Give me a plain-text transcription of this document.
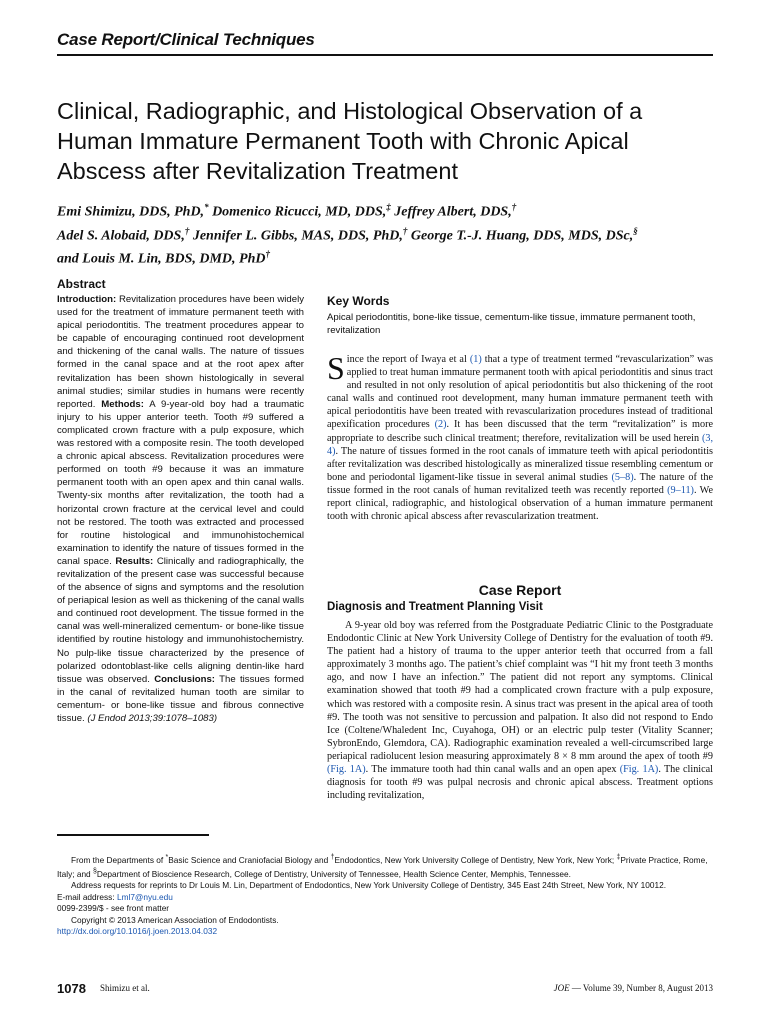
Case Report/Clinical Techniques
Clinical, Radiographic, and Histological Observation of a Human Immature Permanent Tooth with Chronic Apical Abscess after Revitalization Treatment
Emi Shimizu, DDS, PhD,* Domenico Ricucci, MD, DDS,‡ Jeffrey Albert, DDS,†
Adel S. Alobaid, DDS,† Jennifer L. Gibbs, MAS, DDS, PhD,† George T.-J. Huang, DDS, MDS, DSc,§
and Louis M. Lin, BDS, DMD, PhD†
Abstract
Introduction: Revitalization procedures have been widely used for the treatment of immature permanent teeth with apical periodontitis. The treatment procedures appear to be capable of encouraging continued root development and thickening of the canal walls. The nature of tissues formed in the canal space and at the root apex after revitalization has been shown histologically in several animal studies; similar studies in humans were recently reported. Methods: A 9-year-old boy had a traumatic injury to his upper anterior teeth. Tooth #9 suffered a complicated crown fracture with a pulp exposure, which was restored with a composite resin. The tooth developed a chronic apical abscess. Revitalization procedures were performed on tooth #9 because it was an immature permanent tooth with an open apex and thin canal walls. Twenty-six months after revitalization, the tooth had a horizontal crown fracture at the cervical level and could not be restored. The tooth was extracted and processed for routine histological and immunohistochemical examination to identify the nature of tissues formed in the canal space. Results: Clinically and radiographically, the revitalization of the present case was successful because of the absence of signs and symptoms and the resolution of periapical lesion as well as thickening of the canal walls and continued root development. The tissue formed in the canal was well-mineralized cementum- or bone-like tissue identified by routine histology and immunohistochemistry. No pulp-like tissue characterized by the presence of polarized odontoblast-like cells aligning dentin-like hard tissue was observed. Conclusions: The tissues formed in the canal of revitalized human tooth are similar to cementum- or bone-like tissue and fibrous connective tissue. (J Endod 2013;39:1078–1083)
Key Words
Apical periodontitis, bone-like tissue, cementum-like tissue, immature permanent tooth, revitalization
Since the report of Iwaya et al (1) that a type of treatment termed “revascularization” was applied to treat human immature permanent tooth with apical periodontitis and sinus tract and resulted in not only resolution of apical periodontitis but also thickening of the root canal walls and continued root development, many human immature permanent teeth with apical periodontitis have been treated with revascularization procedures instead of traditional apexification procedures (2). It has been discussed that the term “revitalization” is more appropriate to describe such clinical treatment; therefore, revitalization will be used herein (3, 4). The nature of tissues formed in the root canals of immature teeth with apical periodontitis after revitalization was described histologically as mineralized tissue resembling cementum or bone and periodontal ligament-like tissue in several animal studies (5–8). The nature of the tissue formed in the root canals of human revitalized teeth was recently reported (9–11). We report clinical, radiographic, and histological observation of a human immature permanent tooth with chronic apical abscess after revascularization treatment.
Case Report
Diagnosis and Treatment Planning Visit
A 9-year old boy was referred from the Postgraduate Pediatric Clinic to the Postgraduate Endodontic Clinic at New York University College of Dentistry for the evaluation of tooth #9. The patient had a history of trauma to the upper anterior teeth that occurred from a fall approximately 3 months ago. The patient’s chief complaint was “I hit my front teeth 3 months ago, and now I have an infection.” The patient did not report any symptoms. Clinical examination showed that tooth #9 had a complicated crown fracture with a pulp exposure, which was restored with a composite resin. A sinus tract was present in the apical area of tooth #9. The tooth was not sensitive to percussion and palpation. It also did not respond to Endo Ice (Coltene/Whaledent Inc, Cuyahoga, OH) or an electric pulp tester (Vitality Scanner; SybronEndo, Glemdora, CA). Radiographic examination revealed a well-circumscribed large periapical radiolucent lesion measuring approximately 8 × 8 mm around the apex of tooth #9 (Fig. 1A). The immature tooth had thin canal walls and an open apex (Fig. 1A). The clinical diagnosis for tooth #9 was pulpal necrosis and chronic apical abscess. Treatment options including revitalization,

From the Departments of *Basic Science and Craniofacial Biology and †Endodontics, New York University College of Dentistry, New York, New York; ‡Private Practice, Rome, Italy; and §Department of Bioscience Research, College of Dentistry, University of Tennessee, Health Science Center, Memphis, Tennessee.

Address requests for reprints to Dr Louis M. Lin, Department of Endodontics, New York University College of Dentistry, 345 East 24th Street, New York, NY 10012.

E-mail address: Lml7@nyu.edu

0099-2399/$ - see front matter

Copyright © 2013 American Association of Endodontists.

http://dx.doi.org/10.1016/j.joen.2013.04.032

1078 Shimizu et al.	JOE — Volume 39, Number 8, August 2013
